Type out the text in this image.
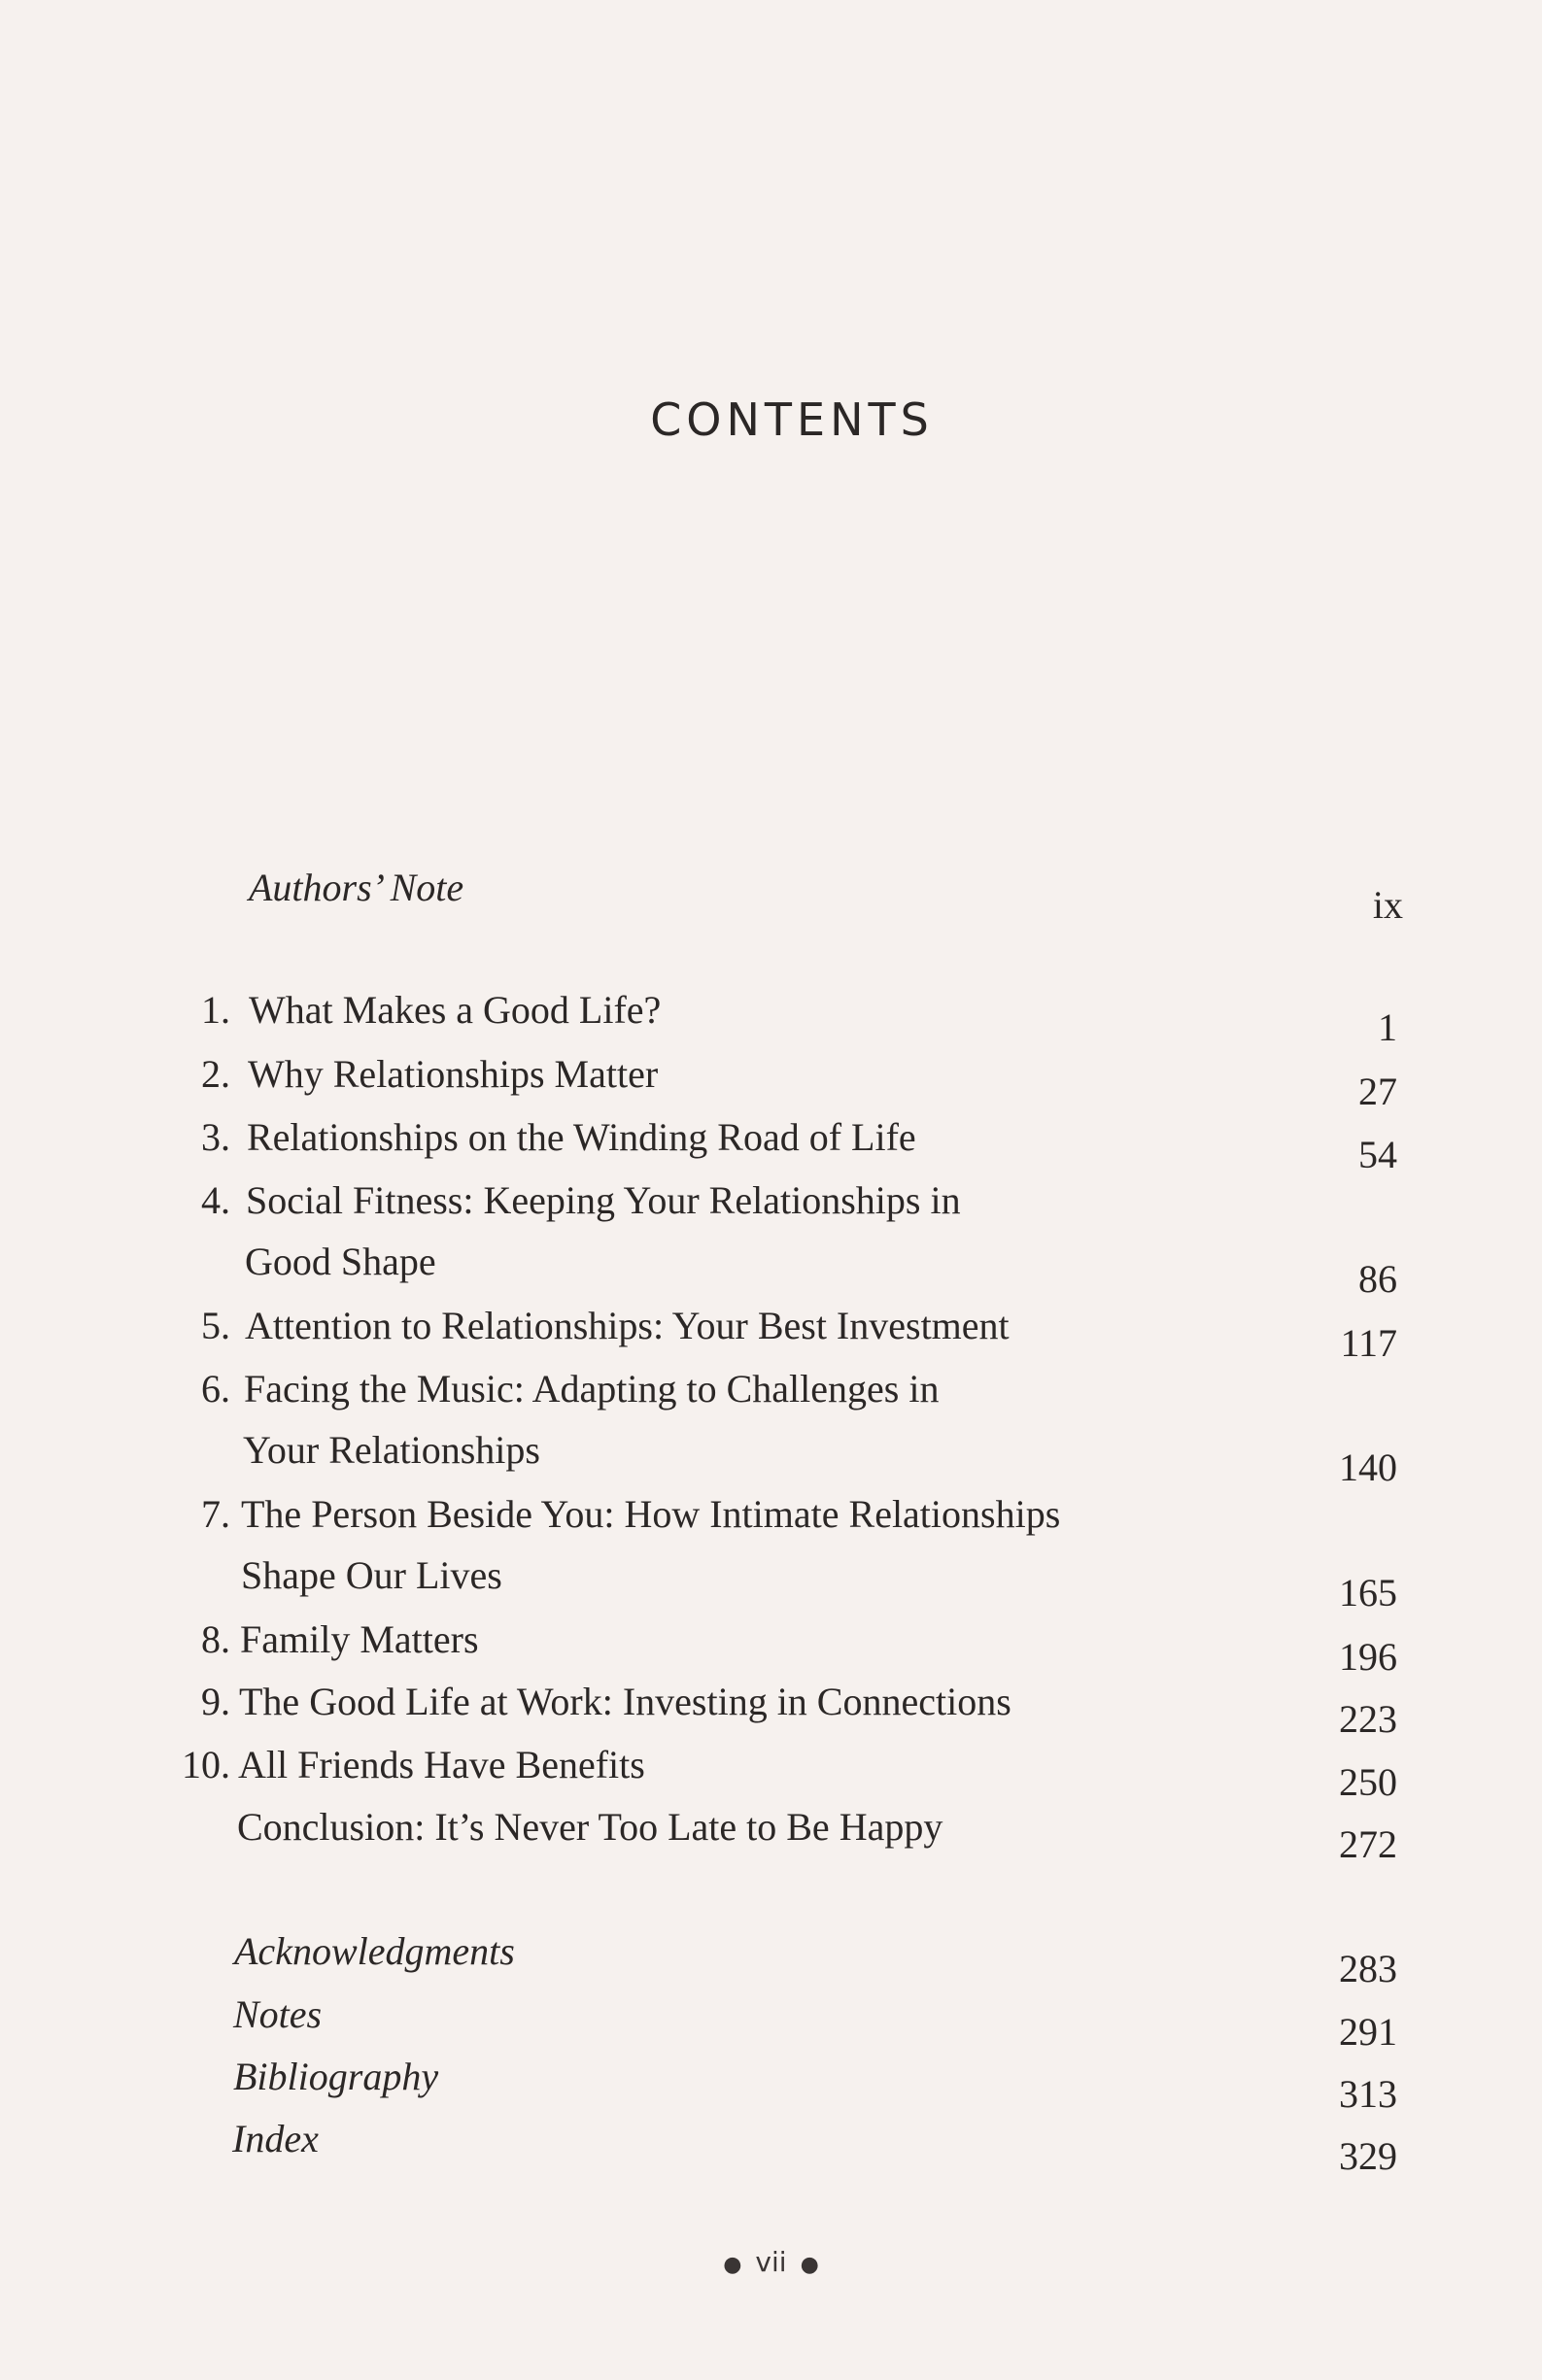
CONTENTS
Authors’ Note	ix
1. What Makes a Good Life?	1
2. Why Relationships Matter	27
3. Relationships on the Winding Road of Life	54
4. Social Fitness: Keeping Your Relationships in
Good Shape	86
5. Attention to Relationships: Your Best Investment	117
6. Facing the Music: Adapting to Challenges in
Your Relationships	140
7. The Person Beside You: How Intimate Relationships
Shape Our Lives	165
8. Family Matters	196
9. The Good Life at Work: Investing in Connections	223
10. All Friends Have Benefits	250
Conclusion: It’s Never Too Late to Be Happy	272
Acknowledgments	283
Notes	291
Bibliography	313
Index	329
● vii ●
